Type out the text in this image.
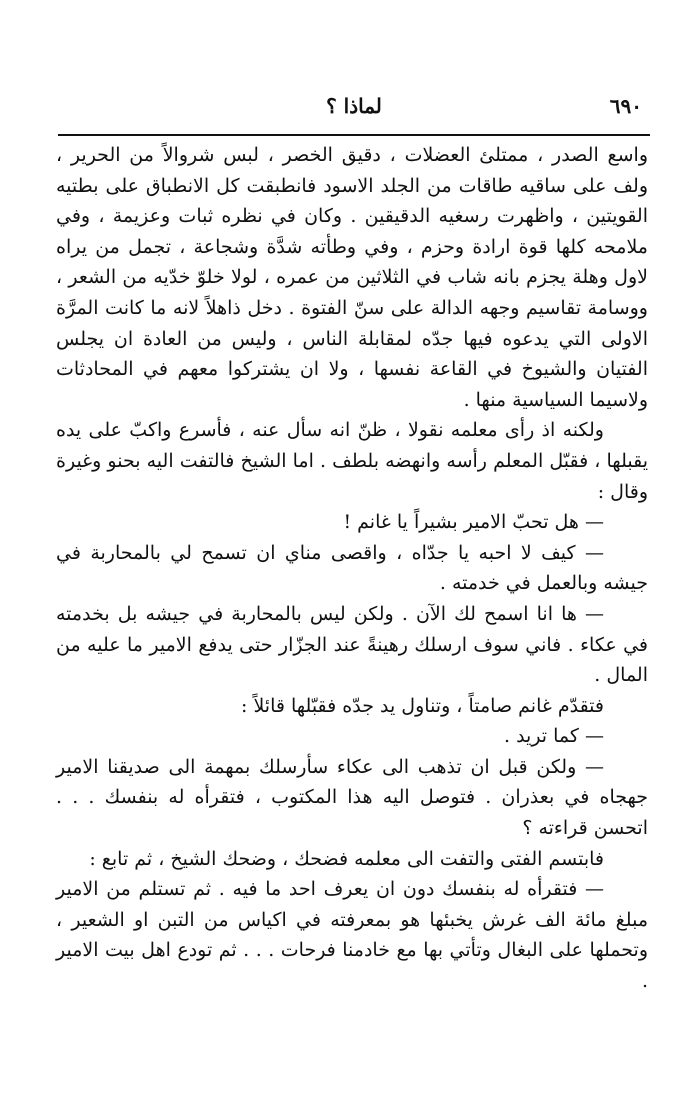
٦٩٠
لماذا ؟

واسع الصدر ، ممتلئ العضلات ، دقيق الخصر ، لبس شروالاً من الحرير ، ولف على ساقيه طاقات من الجلد الاسود فانطبقت كل الانطباق على بطتيه القويتين ، واظهرت رسغيه الدقيقين . وكان في نظره ثبات وعزيمة ، وفي ملامحه كلها قوة ارادة وحزم ، وفي وطأته شدَّة وشجاعة ، تجمل من يراه لاول وهلة يجزم بانه شاب في الثلاثين من عمره ، لولا خلوّ خدّيه من الشعر ، ووسامة تقاسيم وجهه الدالة على سنّ الفتوة . دخل ذاهلاً لانه ما كانت المرَّة الاولى التي يدعوه فيها جدّه لمقابلة الناس ، وليس من العادة ان يجلس الفتيان والشيوخ في القاعة نفسها ، ولا ان يشتركوا معهم في المحادثات ولاسيما السياسية منها .

ولكنه اذ رأى معلمه نقولا ، ظنّ انه سأل عنه ، فأسرع واكبّ على يده يقبلها ، فقبّل المعلم رأسه وانهضه بلطف . اما الشيخ فالتفت اليه بحنو وغيرة وقال :

— هل تحبّ الامير بشيراً يا غانم !

— كيف لا احبه يا جدّاه ، واقصى مناي ان تسمح لي بالمحاربة في جيشه وبالعمل في خدمته .

— ها انا اسمح لك الآن . ولكن ليس بالمحاربة في جيشه بل بخدمته في عكاء . فاني سوف ارسلك رهينةً عند الجزّار حتى يدفع الامير ما عليه من المال .

فتقدّم غانم صامتاً ، وتناول يد جدّه فقبّلها قائلاً :

— كما تريد .

— ولكن قبل ان تذهب الى عكاء سأرسلك بمهمة الى صديقنا الامير جهجاه في بعذران . فتوصل اليه هذا المكتوب ، فتقرأه له بنفسك . . . اتحسن قراءته ؟

فابتسم الفتى والتفت الى معلمه فضحك ، وضحك الشيخ ، ثم تابع :

— فتقرأه له بنفسك دون ان يعرف احد ما فيه . ثم تستلم من الامير مبلغ مائة الف غرش يخبئها هو بمعرفته في اكياس من التبن او الشعير ، وتحملها على البغال وتأتي بها مع خادمنا فرحات . . . ثم تودع اهل بيت الامير .
